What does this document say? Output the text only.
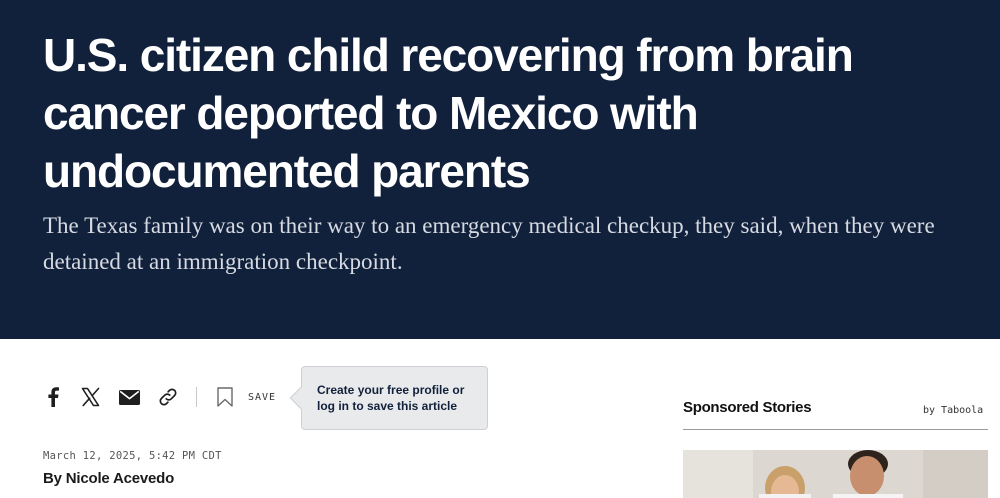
U.S. citizen child recovering from brain cancer deported to Mexico with undocumented parents

The Texas family was on their way to an emergency medical checkup, they said, when they were detained at an immigration checkpoint.

SAVE	Create your free profile or log in to save this article
March 12, 2025, 5:42 PM CDT
By Nicole Acevedo
Sponsored Stories	by Taboola
